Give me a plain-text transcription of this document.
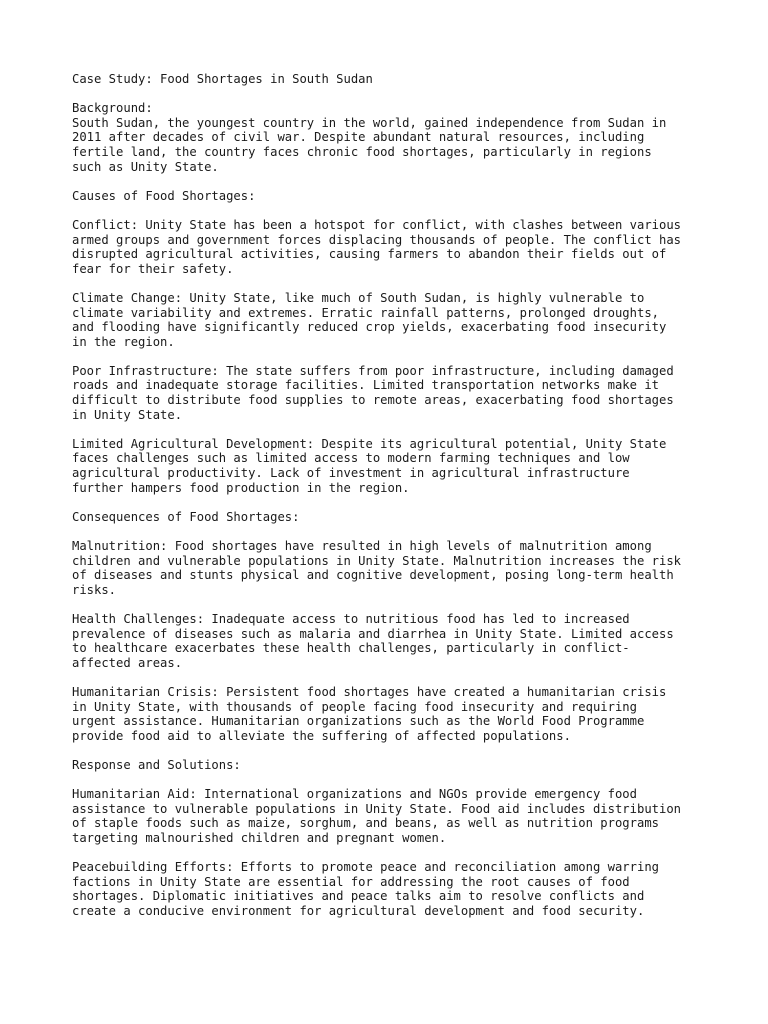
Case Study: Food Shortages in South Sudan

Background:

South Sudan, the youngest country in the world, gained independence from Sudan in
2011 after decades of civil war. Despite abundant natural resources, including
fertile land, the country faces chronic food shortages, particularly in regions
such as Unity State.

Causes of Food Shortages:

Conflict: Unity State has been a hotspot for conflict, with clashes between various
armed groups and government forces displacing thousands of people. The conflict has
disrupted agricultural activities, causing farmers to abandon their fields out of
fear for their safety.

Climate Change: Unity State, like much of South Sudan, is highly vulnerable to
climate variability and extremes. Erratic rainfall patterns, prolonged droughts,
and flooding have significantly reduced crop yields, exacerbating food insecurity
in the region.

Poor Infrastructure: The state suffers from poor infrastructure, including damaged
roads and inadequate storage facilities. Limited transportation networks make it
difficult to distribute food supplies to remote areas, exacerbating food shortages
in Unity State.

Limited Agricultural Development: Despite its agricultural potential, Unity State
faces challenges such as limited access to modern farming techniques and low
agricultural productivity. Lack of investment in agricultural infrastructure
further hampers food production in the region.

Consequences of Food Shortages:

Malnutrition: Food shortages have resulted in high levels of malnutrition among
children and vulnerable populations in Unity State. Malnutrition increases the risk
of diseases and stunts physical and cognitive development, posing long-term health
risks.

Health Challenges: Inadequate access to nutritious food has led to increased
prevalence of diseases such as malaria and diarrhea in Unity State. Limited access
to healthcare exacerbates these health challenges, particularly in conflict-
affected areas.

Humanitarian Crisis: Persistent food shortages have created a humanitarian crisis
in Unity State, with thousands of people facing food insecurity and requiring
urgent assistance. Humanitarian organizations such as the World Food Programme
provide food aid to alleviate the suffering of affected populations.

Response and Solutions:

Humanitarian Aid: International organizations and NGOs provide emergency food
assistance to vulnerable populations in Unity State. Food aid includes distribution
of staple foods such as maize, sorghum, and beans, as well as nutrition programs
targeting malnourished children and pregnant women.

Peacebuilding Efforts: Efforts to promote peace and reconciliation among warring
factions in Unity State are essential for addressing the root causes of food
shortages. Diplomatic initiatives and peace talks aim to resolve conflicts and
create a conducive environment for agricultural development and food security.
